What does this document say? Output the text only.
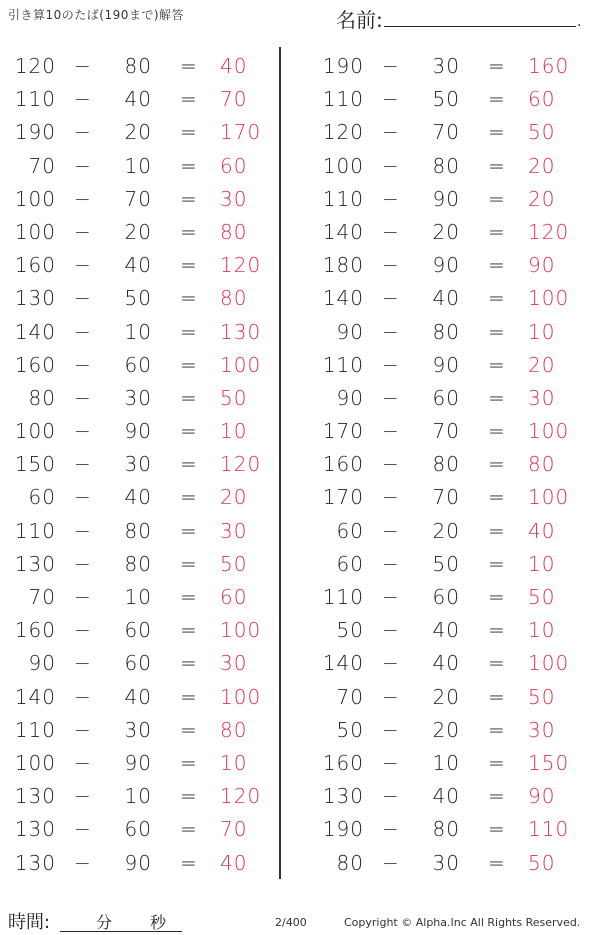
引き算10のたば(190まで)解答	名前:	.
120 −	80 = 40
110 −	40 = 70
190 −	20 = 170
70 −	10 = 60
100 −	70 = 30
100 −	20 = 80
160 −	40 = 120
130 −	50 = 80
140 −	10 = 130
160 −	60 = 100
80 −	30 = 50
100 −	90 = 10
150 −	30 = 120
60 −	40 = 20
110 −	80 = 30
130 −	80 = 50
70 −	10 = 60
160 −	60 = 100
90 −	60 = 30
140 −	40 = 100
110 −	30 = 80
100 −	90 = 10
130 −	10 = 120
130 −	60 = 70
130 −	90 = 40
190 −	30 = 160
110 −	50 = 60
120 −	70 = 50
100 −	80 = 20
110 −	90 = 20
140 −	20 = 120
180 −	90 = 90
140 −	40 = 100
90 −	80 = 10
110 −	90 = 20
90 −	60 = 30
170 −	70 = 100
160 −	80 = 80
170 −	70 = 100
60 −	20 = 40
60 −	50 = 10
110 −	60 = 50
50 −	40 = 10
140 −	40 = 100
70 −	20 = 50
50 −	20 = 30
160 −	10 = 150
130 −	40 = 90
190 −	80 = 110
80 −	30 = 50
時間:	分 秒	2/400	Copyright © Alpha.Inc All Rights Reserved.
